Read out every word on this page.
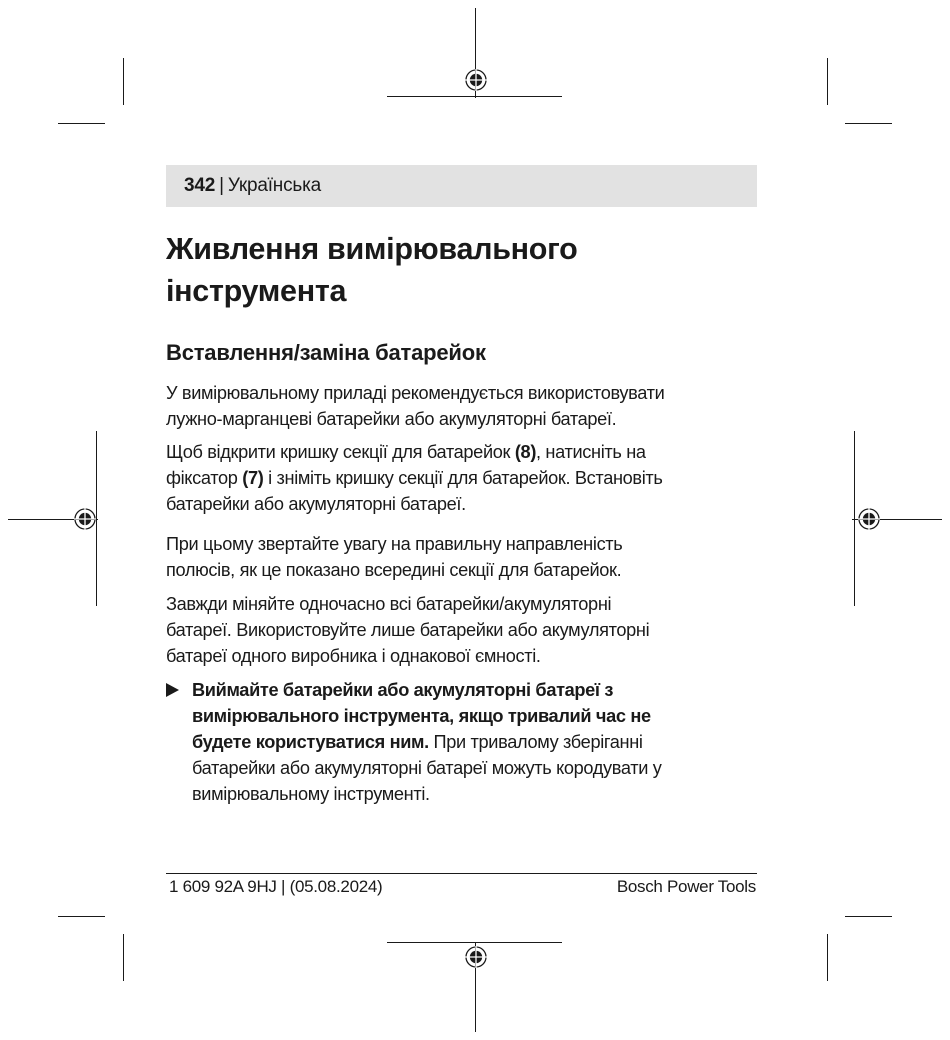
342 | Українська
Живлення вимірювального
інструмента
Вставлення/заміна батарейок

У вимірювальному приладі рекомендується використовувати
лужно-марганцеві батарейки або акумуляторні батареї.

Щоб відкрити кришку секції для батарейок (8), натисніть на
фіксатор (7) і зніміть кришку секції для батарейок. Встановіть
батарейки або акумуляторні батареї.

При цьому звертайте увагу на правильну направленість
полюсів, як це показано всередині секції для батарейок.

Завжди міняйте одночасно всі батарейки/акумуляторні
батареї. Використовуйте лише батарейки або акумуляторні
батареї одного виробника і однакової ємності.

Виймайте батарейки або акумуляторні батареї з
вимірювального інструмента, якщо тривалий час не
будете користуватися ним. При тривалому зберіганні
батарейки або акумуляторні батареї можуть кородувати у
вимірювальному інструменті.

1 609 92A 9HJ | (05.08.2024)	Bosch Power Tools
